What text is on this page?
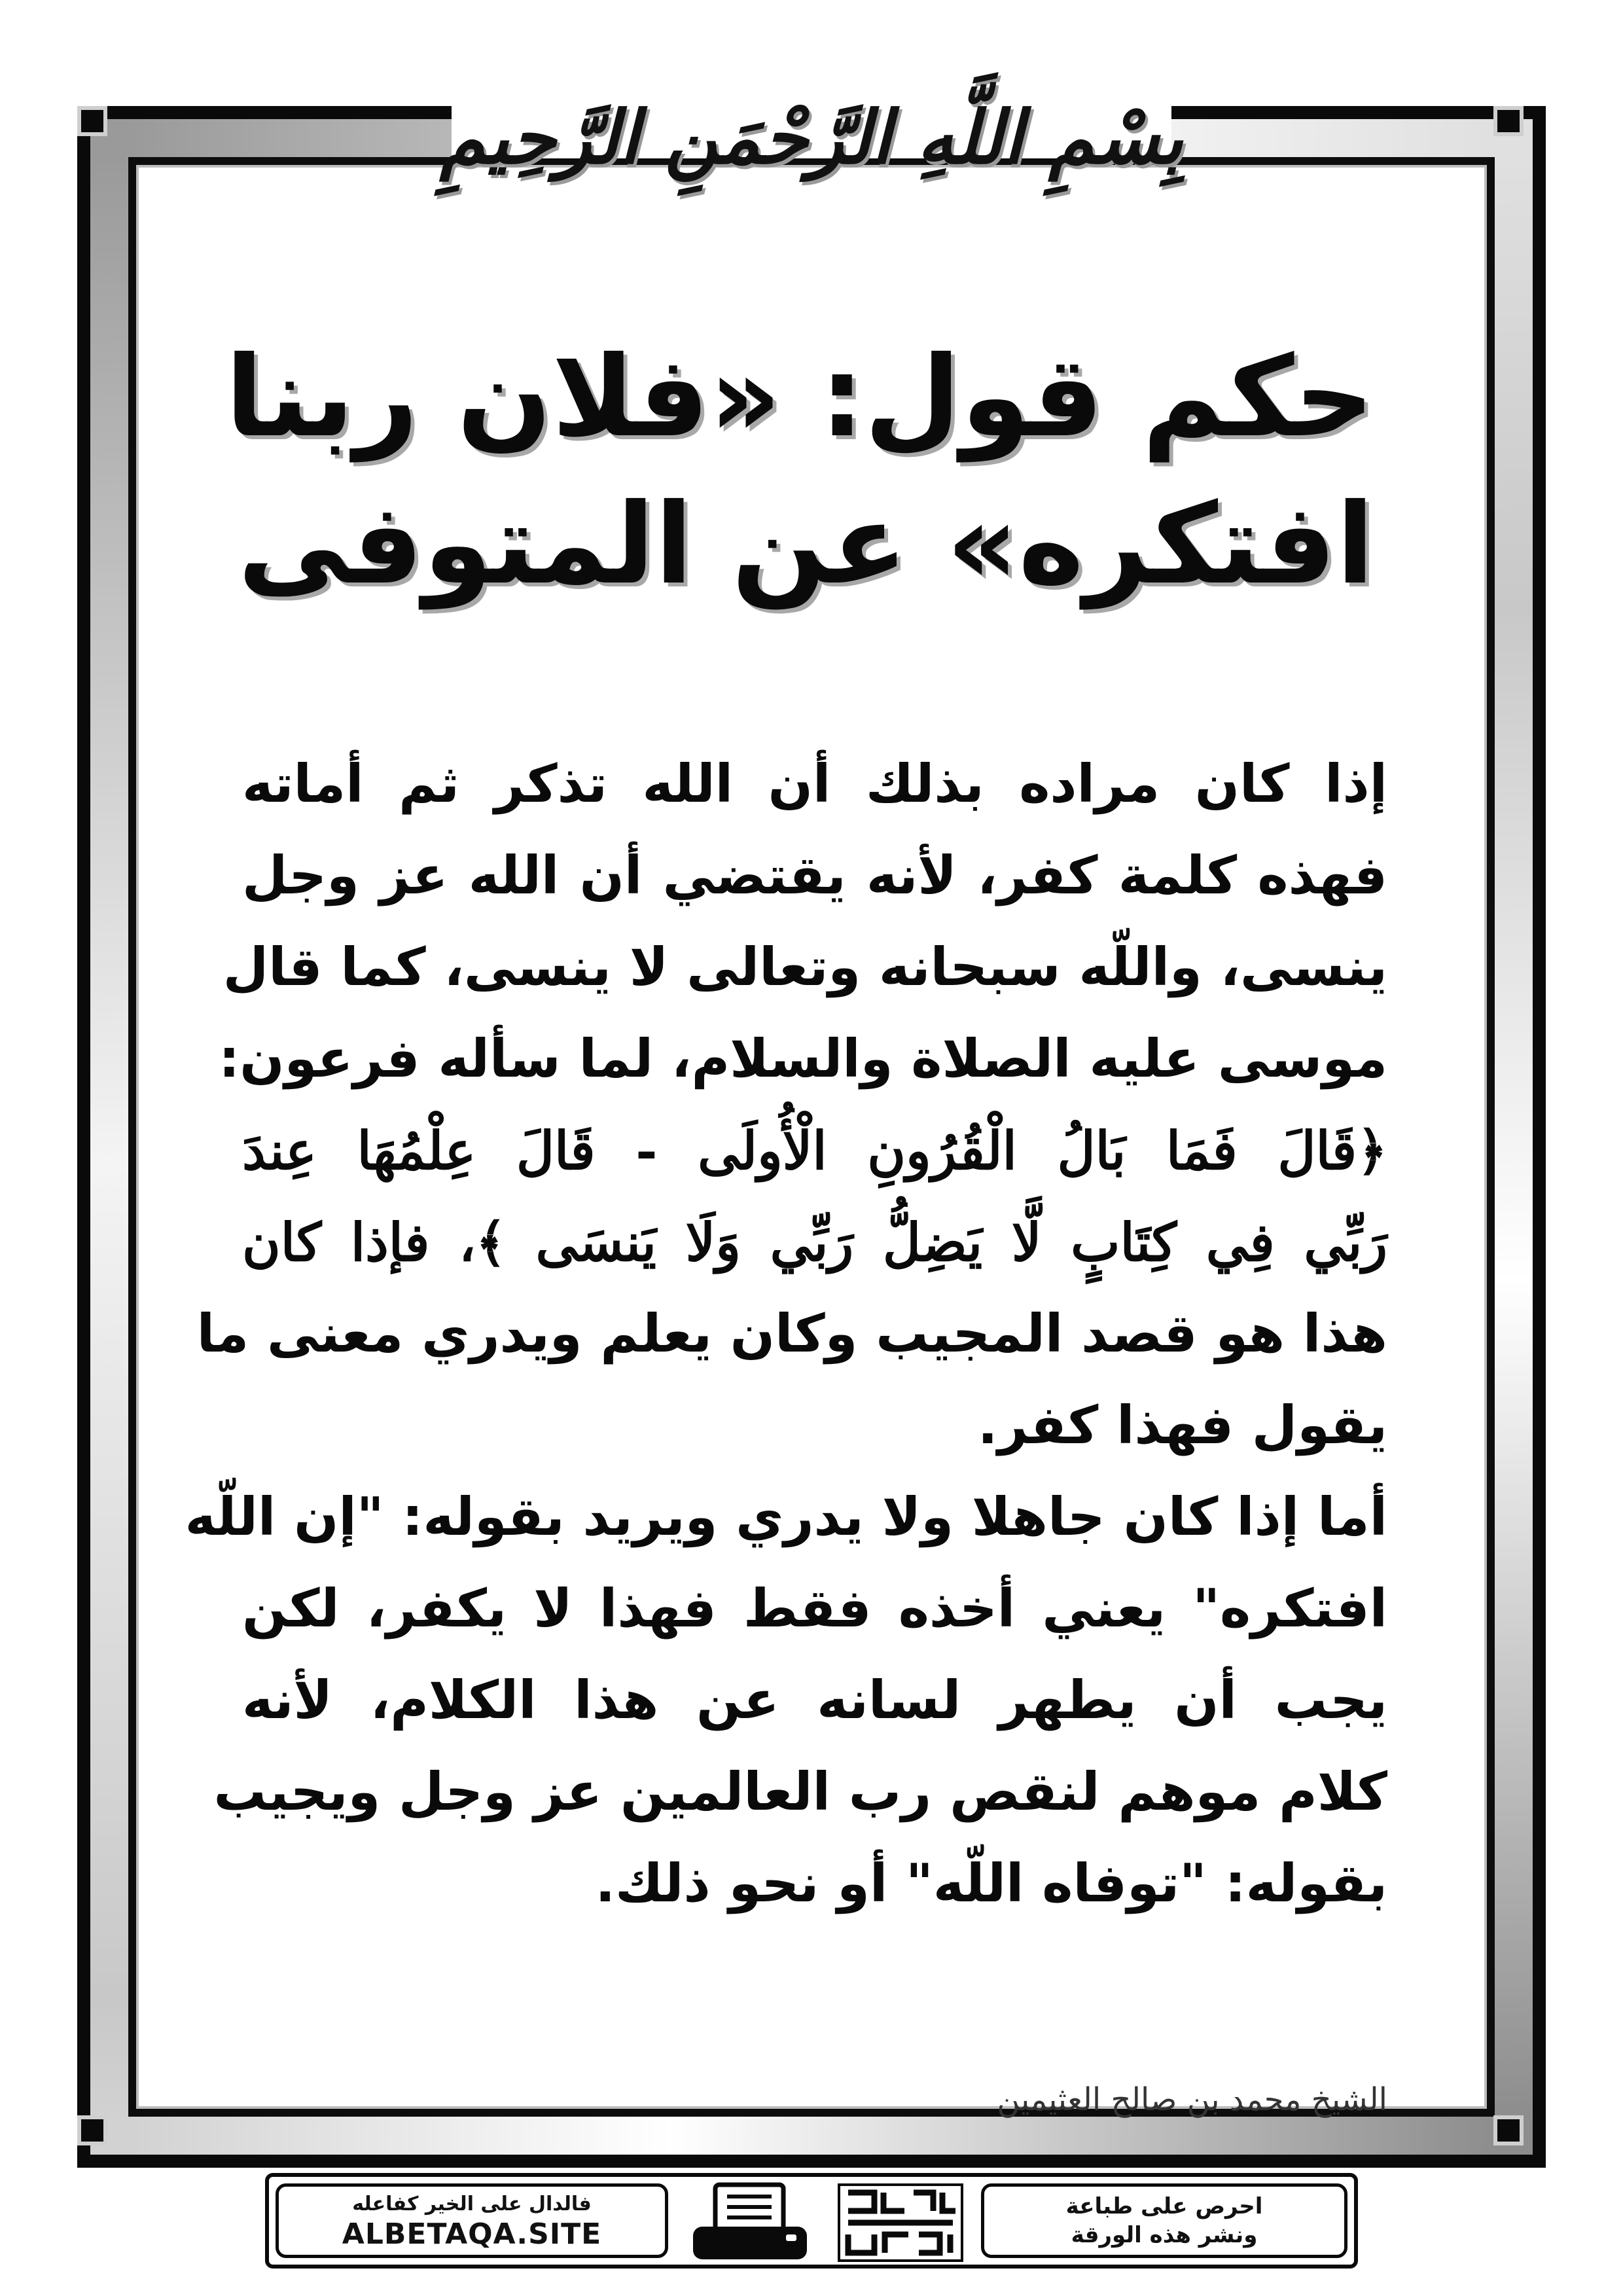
بِسْمِ اللَّهِ الرَّحْمَنِ الرَّحِيمِ
حكم قول: «فلان ربنا
افتكره» عن المتوفى
إذا كان مراده بذلك أن الله تذكر ثم أماته
فهذه كلمة كفر، لأنه يقتضي أن الله عز وجل
ينسى، واللّه سبحانه وتعالى لا ينسى، كما قال
موسى عليه الصلاة والسلام، لما سأله فرعون:
﴿قَالَ فَمَا بَالُ الْقُرُونِ الْأُولَى - قَالَ عِلْمُهَا عِندَ
رَبِّي فِي كِتَابٍ لَّا يَضِلُّ رَبِّي وَلَا يَنسَى ﴾، فإذا كان
هذا هو قصد المجيب وكان يعلم ويدري معنى ما
يقول فهذا كفر.
أما إذا كان جاهلا ولا يدري ويريد بقوله: "إن اللّه
افتكره" يعني أخذه فقط فهذا لا يكفر، لكن
يجب أن يطهر لسانه عن هذا الكلام، لأنه
كلام موهم لنقص رب العالمين عز وجل ويجيب
بقوله: "توفاه اللّه" أو نحو ذلك.
الشيخ محمد بن صالح العثيمين
فالدال على الخير كفاعله
ALBETAQA.SITE
دعوة الورقة
احرص على طباعة
ونشر هذه الورقة
